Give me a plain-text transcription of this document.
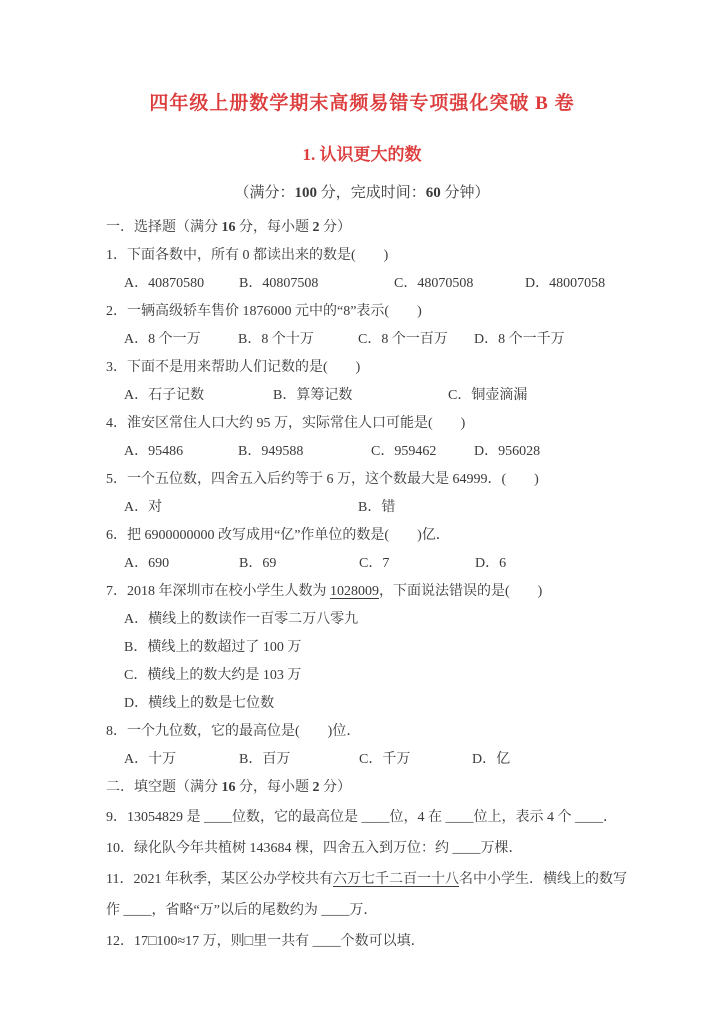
四年级上册数学期末高频易错专项强化突破 B 卷
1. 认识更大的数
（满分：100 分，完成时间：60 分钟）
一．选择题（满分 16 分，每小题 2 分）
1．下面各数中，所有 0 都读出来的数是(　　)
A．40870580 B．40807508	C．48070508	D．48007058
2．一辆高级轿车售价 1876000 元中的“8”表示(　　)
A．8 个一万	B．8 个十万	C．8 个一百万 D．8 个一千万
3．下面不是用来帮助人们记数的是(　　)
A．石子记数	B．算筹记数	C．铜壶滴漏
4．淮安区常住人口大约 95 万，实际常住人口可能是(　　)
A．95486	B．949588	C．959462	D．956028
5．一个五位数，四舍五入后约等于 6 万，这个数最大是 64999．(　　)
A．对	B．错
6．把 6900000000 改写成用“亿”作单位的数是(　　)亿．
A．690	B．69	C．7	D．6
7．2018 年深圳市在校小学生人数为 1028009，下面说法错误的是(　　)
A．横线上的数读作一百零二万八零九
B．横线上的数超过了 100 万
C．横线上的数大约是 103 万
D．横线上的数是七位数
8．一个九位数，它的最高位是(　　)位．
A．十万	B．百万	C．千万	D．亿
二．填空题（满分 16 分，每小题 2 分）
9．13054829 是 ____位数，它的最高位是 ____位，4 在 ____位上，表示 4 个 ____．
10．绿化队今年共植树 143684 棵，四舍五入到万位：约 ____万棵．
11．2021 年秋季，某区公办学校共有六万七千二百一十八名中小学生．横线上的数写
作 ____，省略“万”以后的尾数约为 ____万．
12．17□100≈17 万，则□里一共有 ____个数可以填．
